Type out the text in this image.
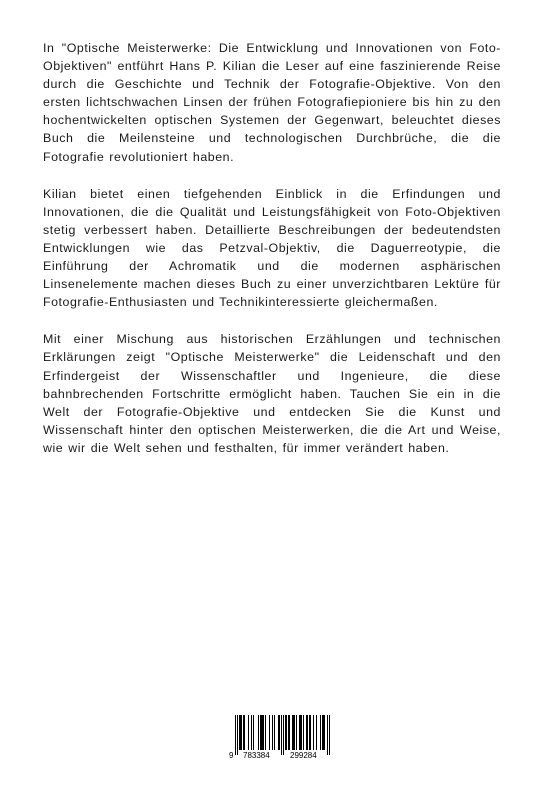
In "Optische Meisterwerke: Die Entwicklung und Innovationen von Foto-Objektiven" entführt Hans P. Kilian die Leser auf eine faszinierende Reise durch die Geschichte und Technik der Fotografie-Objektive. Von den ersten lichtschwachen Linsen der frühen Fotografiepioniere bis hin zu den hochentwickelten optischen Systemen der Gegenwart, beleuchtet dieses Buch die Meilensteine und technologischen Durchbrüche, die die Fotografie revolutioniert haben.

Kilian bietet einen tiefgehenden Einblick in die Erfindungen und Innovationen, die die Qualität und Leistungsfähigkeit von Foto-Objektiven stetig verbessert haben. Detaillierte Beschreibungen der bedeutendsten Entwicklungen wie das Petzval-Objektiv, die Daguerreotypie, die Einführung der Achromatik und die modernen asphärischen Linsenelemente machen dieses Buch zu einer unverzichtbaren Lektüre für Fotografie-Enthusiasten und Technikinteressierte gleichermaßen.

Mit einer Mischung aus historischen Erzählungen und technischen Erklärungen zeigt "Optische Meisterwerke" die Leidenschaft und den Erfindergeist der Wissenschaftler und Ingenieure, die diese bahnbrechenden Fortschritte ermöglicht haben. Tauchen Sie ein in die Welt der Fotografie-Objektive und entdecken Sie die Kunst und Wissenschaft hinter den optischen Meisterwerken, die die Art und Weise, wie wir die Welt sehen und festhalten, für immer verändert haben.

9 783384	299284
